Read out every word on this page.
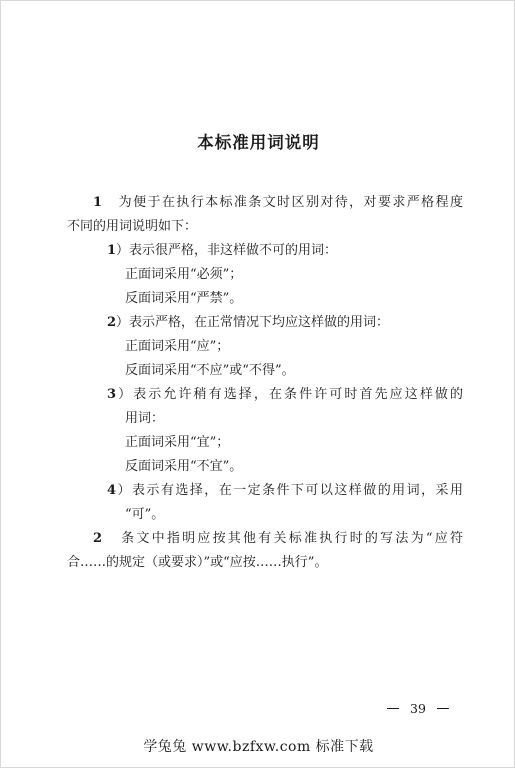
本标准用词说明
1 为便于在执行本标准条文时区别对待，对要求严格程度
不同的用词说明如下：
1）表示很严格，非这样做不可的用词：
正面词采用“必须”；
反面词采用“严禁”。
2）表示严格，在正常情况下均应这样做的用词：
正面词采用“应”；
反面词采用“不应”或“不得”。
3）表示允许稍有选择，在条件许可时首先应这样做的
用词：
正面词采用“宜”；
反面词采用“不宜”。
4）表示有选择，在一定条件下可以这样做的用词，采用
“可”。
2 条文中指明应按其他有关标准执行时的写法为“应符
合……的规定（或要求）”或“应按……执行”。
39
学兔兔 www.bzfxw.com 标准下载
